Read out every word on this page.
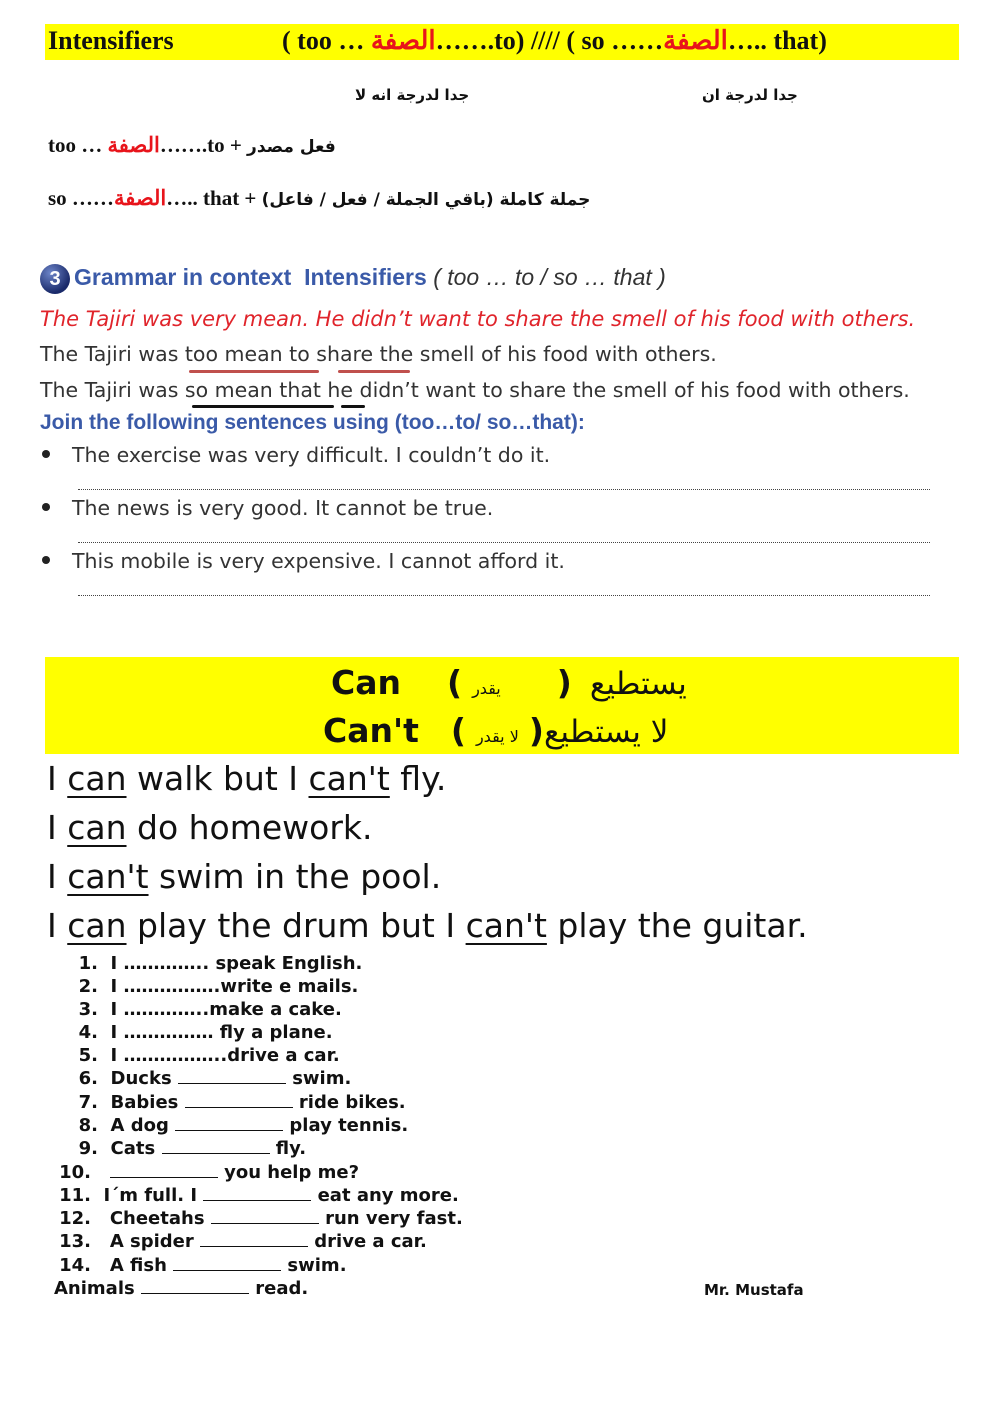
Intensifiers	( too … الصفة…….to) //// ( so ……الصفة….. that)
جدا لدرجة انه لا	جدا لدرجة ان
too … الصفة…….to + فعل مصدر
so ……الصفة….. that + جملة كاملة (باقي الجملة / فعل / فاعل)
3 Grammar in context Intensifiers ( too … to / so … that )
The Tajiri was very mean. He didn’t want to share the smell of his food with others.
The Tajiri was too mean to share the smell of his food with others.
The Tajiri was so mean that he didn’t want to share the smell of his food with others.
Join the following sentences using (too…to/ so…that):
The exercise was very difficult. I couldn’t do it.
The news is very good. It cannot be true.
This mobile is very expensive. I cannot afford it.
Can ( يقدر ) يستطيع
Can't ( لا يقدر )لا يستطيع
I can walk but I can't fly.
I can do homework.
I can't swim in the pool.
I can play the drum but I can't play the guitar.
1. I ………….. speak English.
2. I …………….write e mails.
3. I …………..make a cake.
4. I …………… fly a plane.
5. I ……………..drive a car.
6. Ducks	swim.
7. Babies	ride bikes.
8. A dog	play tennis.
9. Cats	fly.
10.	you help me?
11. I´m full. I	eat any more.
12.   Cheetahs	run very fast.
13.   A spider	drive a car.
14.   A fish	swim.
Animals	read.	Mr. Mustafa
